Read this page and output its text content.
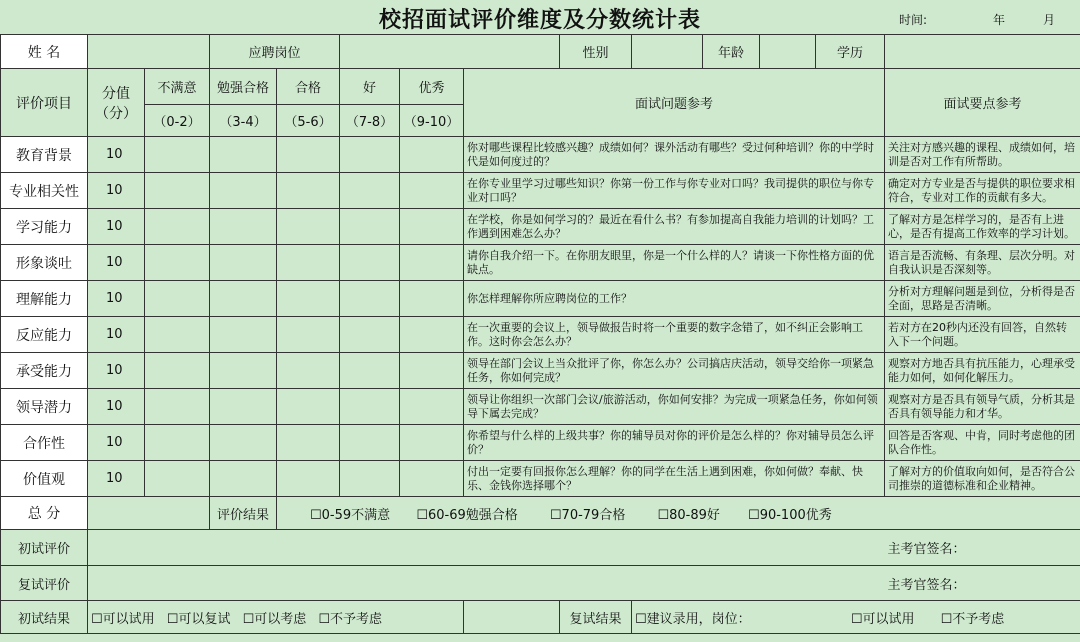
校招面试评价维度及分数统计表	时间:	年	月
姓 名			应聘岗位					性别		年龄		学历	
评价项目	分值（分）	不满意	勉强合格	合格	好	优秀	面试问题参考						面试要点参考
		（0-2）	（3-4）	（5-6）	（7-8）	（9-10）							
教育背景	10						你对哪些课程比较感兴趣？成绩如何？课外活动有哪些？受过何种培训？你的中学时代是如何度过的？						关注对方感兴趣的课程、成绩如何，培训是否对工作有所帮助。
专业相关性	10						在你专业里学习过哪些知识？你第一份工作与你专业对口吗？我司提供的职位与你专业对口吗？						确定对方专业是否与提供的职位要求相符合，专业对工作的贡献有多大。
学习能力	10						在学校，你是如何学习的？最近在看什么书？有参加提高自我能力培训的计划吗？工作遇到困难怎么办？						了解对方是怎样学习的，是否有上进心，是否有提高工作效率的学习计划。
形象谈吐	10						请你自我介绍一下。在你朋友眼里，你是一个什么样的人？请谈一下你性格方面的优缺点。						语言是否流畅、有条理、层次分明。对自我认识是否深刻等。
理解能力	10						你怎样理解你所应聘岗位的工作？						分析对方理解问题是到位，分析得是否全面，思路是否清晰。
反应能力	10						在一次重要的会议上，领导做报告时将一个重要的数字念错了，如不纠正会影响工作。这时你会怎么办？						若对方在20秒内还没有回答，自然转入下一个问题。
承受能力	10						领导在部门会议上当众批评了你，你怎么办？公司搞店庆活动，领导交给你一项紧急任务，你如何完成？						观察对方地否具有抗压能力，心理承受能力如何，如何化解压力。
领导潜力	10						领导让你组织一次部门会议/旅游活动，你如何安排？为完成一项紧急任务，你如何领导下属去完成？						观察对方是否具有领导气质，分析其是否具有领导能力和才华。
合作性	10						你希望与什么样的上级共事？你的辅导员对你的评价是怎么样的？你对辅导员怎么评价？						回答是否客观、中肯，同时考虑他的团队合作性。
价值观	10						付出一定要有回报你怎么理解？你的同学在生活上遇到困难，你如何做？奉献、快乐、金钱你选择哪个？						了解对方的价值取向如何，是否符合公司推崇的道德标准和企业精神。
总 分			评价结果	☐0-59不满意 ☐60-69勉强合格 ☐70-79合格 ☐80-89好 ☐90-100优秀									
初试评价													主考官签名：
复试评价													主考官签名：
初试结果	☐可以试用 ☐可以复试 ☐可以考虑 ☐不予考虑							复试结果	☐建议录用，岗位： ☐可以试用 ☐不予考虑				
